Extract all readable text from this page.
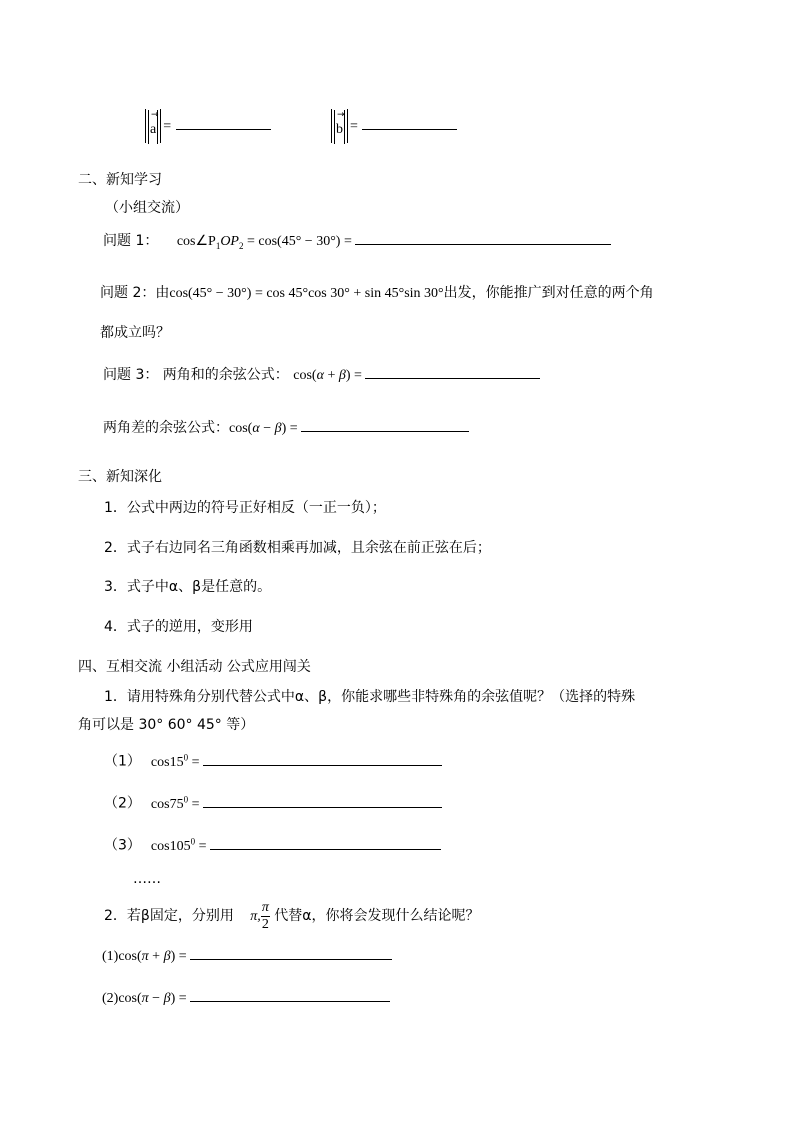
→
a =
→
b =
二、新知学习
（小组交流）
问题 1： $\cos\angle P_1OP_2 = \cos(45^\circ - 30^\circ)$ =
问题 2：由cos(45° − 30°) = cos 45°cos 30° + sin 45°sin 30°出发，你能推广到对任意的两个角
都成立吗？
问题 3： 两角和的余弦公式： cos(α + β) =
两角差的余弦公式：cos(α − β) =
三、新知深化
1．公式中两边的符号正好相反（一正一负）；
2．式子右边同名三角函数相乘再加减，且余弦在前正弦在后；
3．式子中α、β是任意的。
4．式子的逆用，变形用
四、互相交流 小组活动 公式应用闯关
1．请用特殊角分别代替公式中α、β，你能求哪些非特殊角的余弦值呢？（选择的特殊
角可以是 30° 60° 45° 等）
（1） $\cos 15^0$ =
（2） $\cos 75^0$ =
（3） $\cos 105^0$ =
……
2．若β固定，分别用 π, $\frac{\pi}{2}$ 代替α，你将会发现什么结论呢？
(1)cos(π + β) =
(2)cos(π − β) =
